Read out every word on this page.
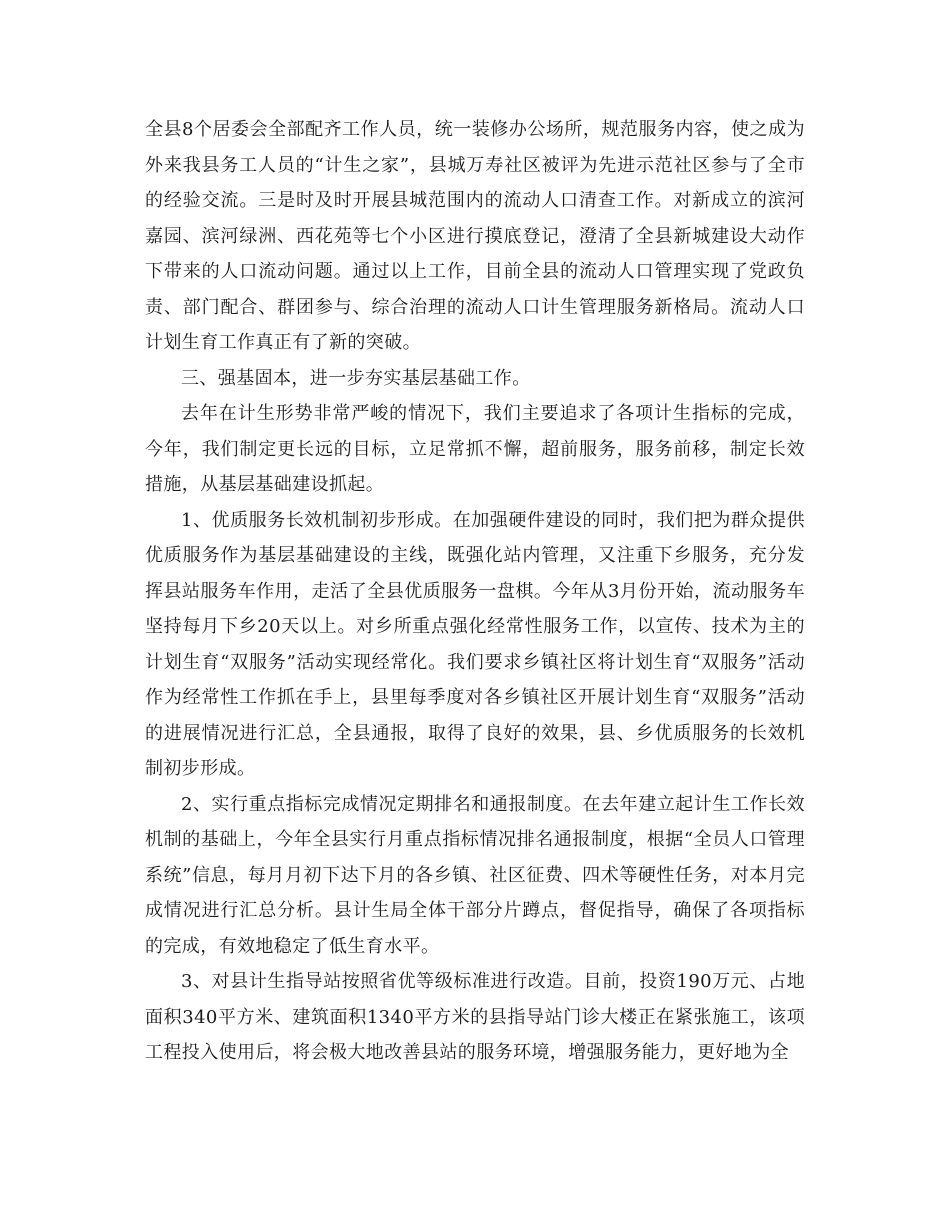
全县8个居委会全部配齐工作人员，统一装修办公场所，规范服务内容，使之成为外来我县务工人员的“计生之家”，县城万寿社区被评为先进示范社区参与了全市的经验交流。三是时及时开展县城范围内的流动人口清查工作。对新成立的滨河嘉园、滨河绿洲、西花苑等七个小区进行摸底登记，澄清了全县新城建设大动作下带来的人口流动问题。通过以上工作，目前全县的流动人口管理实现了党政负责、部门配合、群团参与、综合治理的流动人口计生管理服务新格局。流动人口计划生育工作真正有了新的突破。

三、强基固本，进一步夯实基层基础工作。

去年在计生形势非常严峻的情况下，我们主要追求了各项计生指标的完成，今年，我们制定更长远的目标，立足常抓不懈，超前服务，服务前移，制定长效措施，从基层基础建设抓起。

1、优质服务长效机制初步形成。在加强硬件建设的同时，我们把为群众提供优质服务作为基层基础建设的主线，既强化站内管理，又注重下乡服务，充分发挥县站服务车作用，走活了全县优质服务一盘棋。今年从3月份开始，流动服务车坚持每月下乡20天以上。对乡所重点强化经常性服务工作，以宣传、技术为主的计划生育“双服务”活动实现经常化。我们要求乡镇社区将计划生育“双服务”活动作为经常性工作抓在手上，县里每季度对各乡镇社区开展计划生育“双服务”活动的进展情况进行汇总，全县通报，取得了良好的效果，县、乡优质服务的长效机制初步形成。

2、实行重点指标完成情况定期排名和通报制度。在去年建立起计生工作长效机制的基础上，今年全县实行月重点指标情况排名通报制度，根据“全员人口管理系统”信息，每月月初下达下月的各乡镇、社区征费、四术等硬性任务，对本月完成情况进行汇总分析。县计生局全体干部分片蹲点，督促指导，确保了各项指标的完成，有效地稳定了低生育水平。

3、对县计生指导站按照省优等级标准进行改造。目前，投资190万元、占地面积340平方米、建筑面积1340平方米的县指导站门诊大楼正在紧张施工，该项工程投入使用后，将会极大地改善县站的服务环境，增强服务能力，更好地为全
